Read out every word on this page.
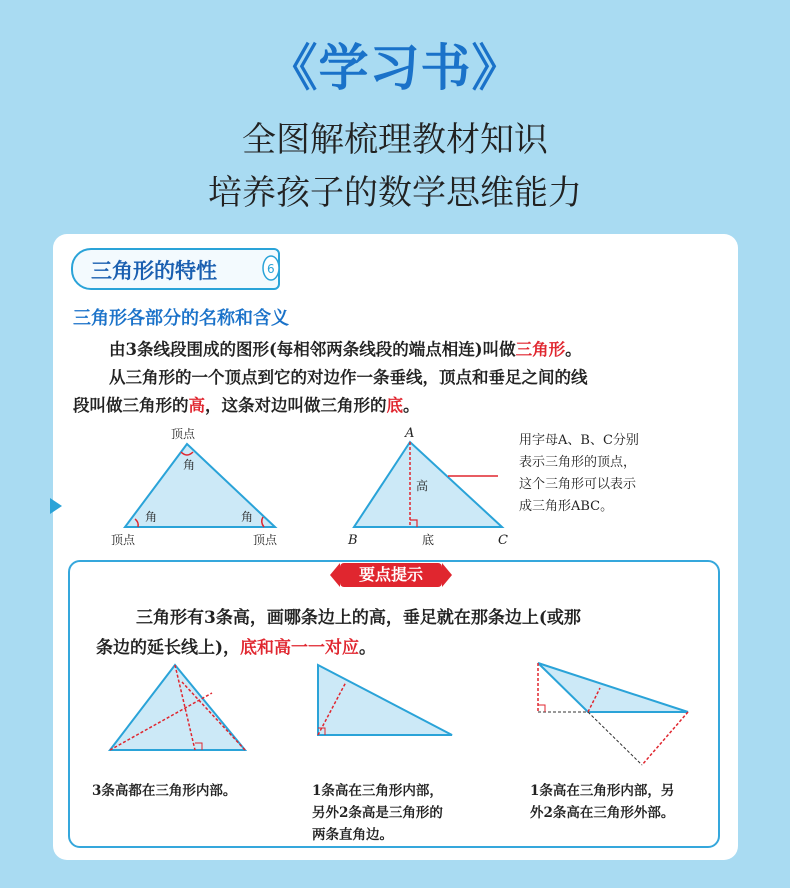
《学习书》
全图解梳理教材知识
培养孩子的数学思维能力
三角形的特性	6
三角形各部分的名称和含义
由3条线段围成的图形(每相邻两条线段的端点相连)叫做三角形。
从三角形的一个顶点到它的对边作一条垂线，顶点和垂足之间的线
段叫做三角形的高，这条对边叫做三角形的底。
顶点
角
角	角
顶点	顶点
A
B	C
高
底
用字母A、B、C分别
表示三角形的顶点，
这个三角形可以表示
成三角形ABC。
要点提示
三角形有3条高，画哪条边上的高，垂足就在那条边上(或那
条边的延长线上)，底和高一一对应。
3条高都在三角形内部。	1条高在三角形内部，
另外2条高是三角形的
两条直角边。
1条高在三角形内部，另
外2条高在三角形外部。
